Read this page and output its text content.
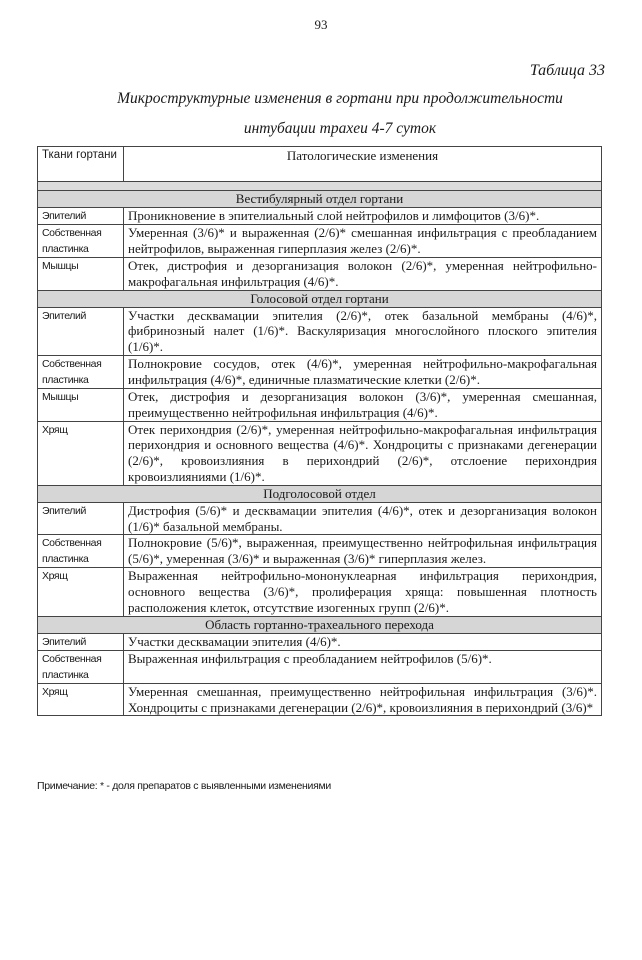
93
Таблица 33
Микроструктурные изменения в гортани при продолжительности
интубации трахеи 4-7 суток
Ткани гортани	Патологические изменения

Вестибулярный отдел гортани	
Эпителий	Проникновение в эпителиальный слой нейтрофилов и лимфоцитов (3/6)*.
Собственная пластинка	Умеренная (3/6)* и выраженная (2/6)* смешанная инфильтрация с преобладанием нейтрофилов, выраженная гиперплазия желез (2/6)*.
Мышцы	Отек, дистрофия и дезорганизация волокон (2/6)*, умеренная нейтрофильно-макрофагальная инфильтрация (4/6)*.
Голосовой отдел гортани	
Эпителий	Участки десквамации эпителия (2/6)*, отек базальной мембраны (4/6)*, фибринозный налет (1/6)*. Васкуляризация многослойного плоского эпителия (1/6)*.
Собственная пластинка	Полнокровие сосудов, отек (4/6)*, умеренная нейтрофильно-макрофагальная инфильтрация (4/6)*, единичные плазматические клетки (2/6)*.
Мышцы	Отек, дистрофия и дезорганизация волокон (3/6)*, умеренная смешанная, преимущественно нейтрофильная инфильтрация (4/6)*.
Хрящ	Отек перихондрия (2/6)*, умеренная нейтрофильно-макрофагальная инфильтрация перихондрия и основного вещества (4/6)*. Хондроциты с признаками дегенерации (2/6)*, кровоизлияния в перихондрий (2/6)*, отслоение перихондрия кровоизлияниями (1/6)*.
Подголосовой отдел	
Эпителий	Дистрофия (5/6)* и десквамации эпителия (4/6)*, отек и дезорганизация волокон (1/6)* базальной мембраны.
Собственная пластинка	Полнокровие (5/6)*, выраженная, преимущественно нейтрофильная инфильтрация (5/6)*, умеренная (3/6)* и выраженная (3/6)* гиперплазия желез.
Хрящ	Выраженная нейтрофильно-мононуклеарная инфильтрация перихондрия, основного вещества (3/6)*, пролиферация хряща: повышенная плотность расположения клеток, отсутствие изогенных групп (2/6)*.
Область гортанно-трахеального перехода	
Эпителий	Участки десквамации эпителия (4/6)*.
Собственная пластинка	Выраженная инфильтрация с преобладанием нейтрофилов (5/6)*.
Хрящ	Умеренная смешанная, преимущественно нейтрофильная инфильтрация (3/6)*. Хондроциты с признаками дегенерации (2/6)*, кровоизлияния в перихондрий (3/6)*
Примечание: * - доля препаратов с выявленными изменениями
